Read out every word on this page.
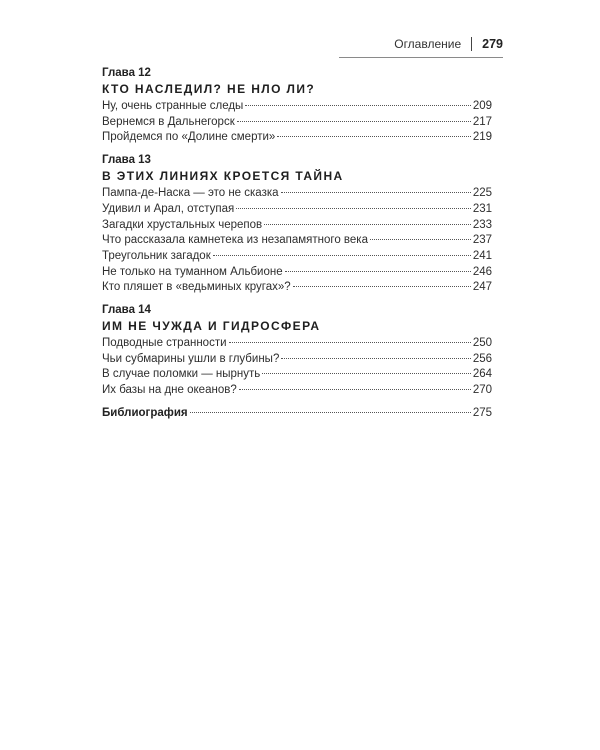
Оглавление 279
Глава 12
КТО НАСЛЕДИЛ? НЕ НЛО ЛИ?
Ну, очень странные следы	209
Вернемся в Дальнегорск	217
Пройдемся по «Долине смерти»	219
Глава 13
В ЭТИХ ЛИНИЯХ КРОЕТСЯ ТАЙНА
Пампа-де-Наска — это не сказка	225
Удивил и Арал, отступая	231
Загадки хрустальных черепов	233
Что рассказала камнетека из незапамятного века	237
Треугольник загадок	241
Не только на туманном Альбионе	246
Кто пляшет в «ведьминых кругах»?	247
Глава 14
ИМ НЕ ЧУЖДА И ГИДРОСФЕРА
Подводные странности	250
Чьи субмарины ушли в глубины?	256
В случае поломки — нырнуть	264
Их базы на дне океанов?	270
Библиография	275
